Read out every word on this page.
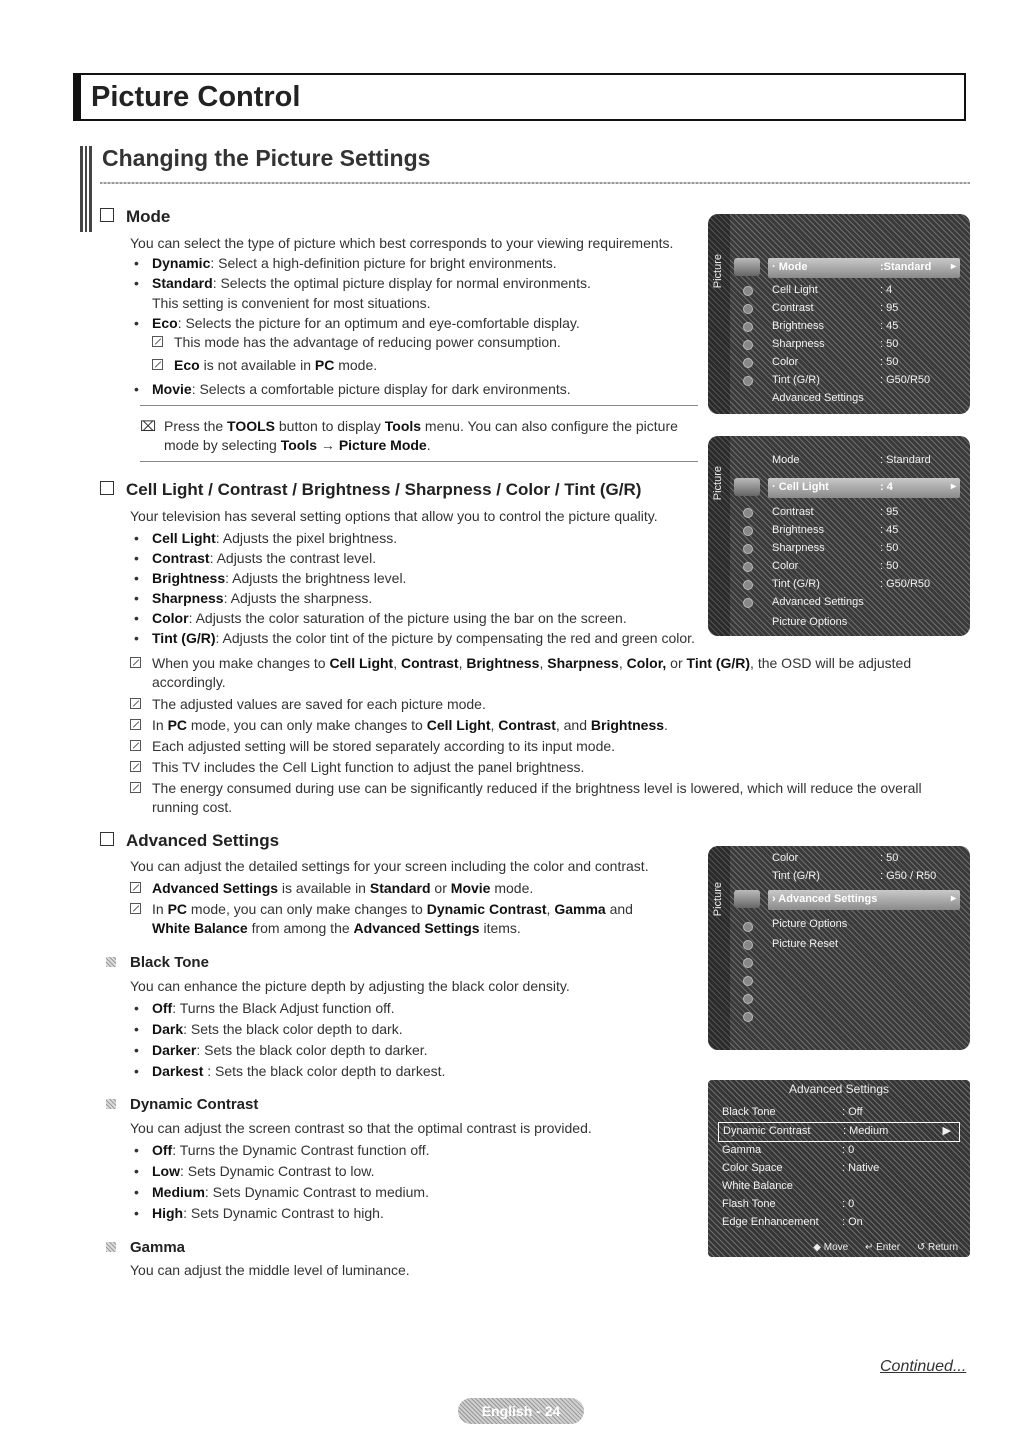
Picture Control
Changing the Picture Settings
Mode
You can select the type of picture which best corresponds to your viewing requirements.
• Dynamic: Select a high-definition picture for bright environments.
• Standard: Selects the optimal picture display for normal environments.
This setting is convenient for most situations.
• Eco: Selects the picture for an optimum and eye-comfortable display.
This mode has the advantage of reducing power consumption.
Eco is not available in PC mode.
• Movie: Selects a comfortable picture display for dark environments.
⌧ Press the TOOLS button to display Tools menu. You can also configure the picture
mode by selecting Tools → Picture Mode.
Cell Light / Contrast / Brightness / Sharpness / Color / Tint (G/R)
Your television has several setting options that allow you to control the picture quality.
• Cell Light: Adjusts the pixel brightness.
• Contrast: Adjusts the contrast level.
• Brightness: Adjusts the brightness level.
• Sharpness: Adjusts the sharpness.
• Color: Adjusts the color saturation of the picture using the bar on the screen.
• Tint (G/R): Adjusts the color tint of the picture by compensating the red and green color.
When you make changes to Cell Light, Contrast, Brightness, Sharpness, Color, or Tint (G/R), the OSD will be adjusted
accordingly.
The adjusted values are saved for each picture mode.
In PC mode, you can only make changes to Cell Light, Contrast, and Brightness.
Each adjusted setting will be stored separately according to its input mode.
This TV includes the Cell Light function to adjust the panel brightness.
The energy consumed during use can be significantly reduced if the brightness level is lowered, which will reduce the overall
running cost.
Advanced Settings
You can adjust the detailed settings for your screen including the color and contrast.
Advanced Settings is available in Standard or Movie mode.
In PC mode, you can only make changes to Dynamic Contrast, Gamma and
White Balance from among the Advanced Settings items.
Black Tone
You can enhance the picture depth by adjusting the black color density.
• Off: Turns the Black Adjust function off.
• Dark: Sets the black color depth to dark.
• Darker: Sets the black color depth to darker.
• Darkest : Sets the black color depth to darkest.
Dynamic Contrast
You can adjust the screen contrast so that the optimal contrast is provided.
• Off: Turns the Dynamic Contrast function off.
• Low: Sets Dynamic Contrast to low.
• Medium: Sets Dynamic Contrast to medium.
• High: Sets Dynamic Contrast to high.
Gamma
You can adjust the middle level of luminance.
Picture	· Mode	:Standard
▸
Cell Light	: 4
Contrast	: 95
Brightness	: 45
Sharpness	: 50
Color	: 50
Tint (G/R)	: G50/R50
Advanced Settings
Picture
Mode	: Standard
· Cell Light	: 4
▸
Contrast	: 95
Brightness	: 45
Sharpness	: 50
Color	: 50
Tint (G/R)	: G50/R50
Advanced Settings
Picture Options
Picture
Color	: 50
Tint (G/R)	: G50 / R50
› Advanced Settings
▸
Picture Options
Picture Reset
Advanced Settings
Black Tone	: Off
Dynamic Contrast	: Medium
▶
Gamma	: 0
Color Space	: Native
White Balance
Flash Tone	: 0
Edge Enhancement : On
◆ Move ↵ Enter ↺ Return
Continued...
English - 24
